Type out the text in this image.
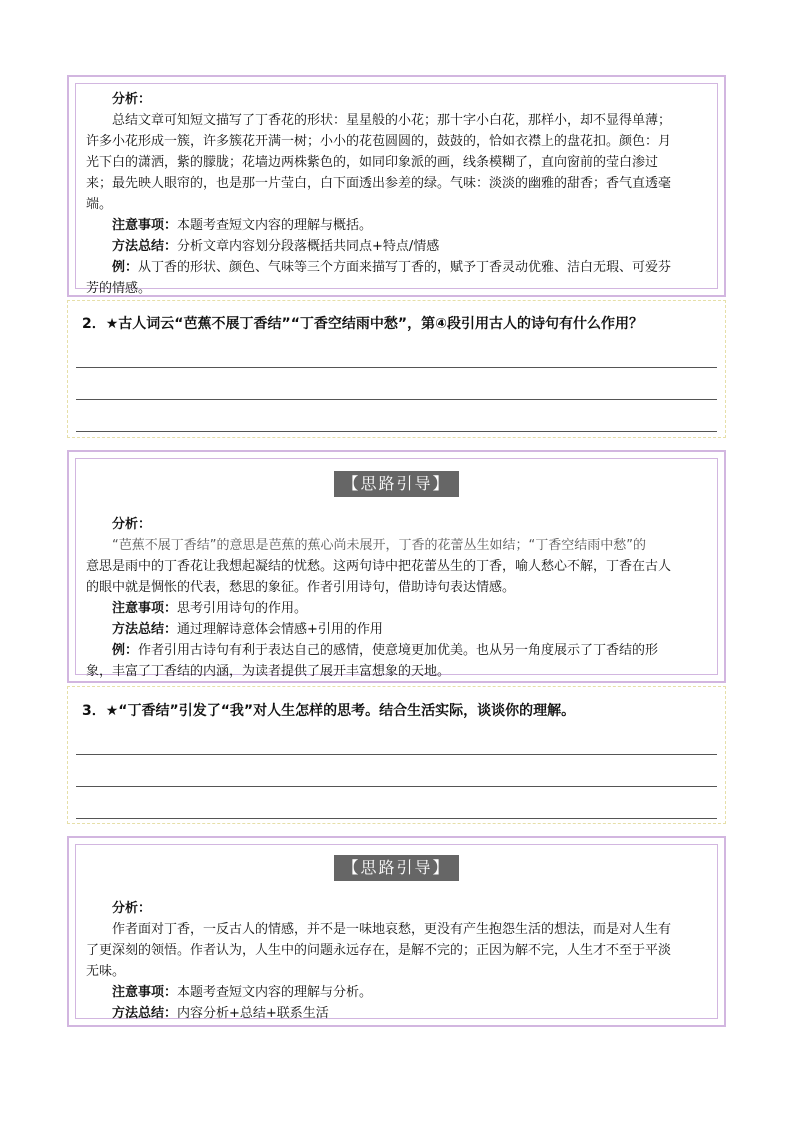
分析：

总结文章可知短文描写了丁香花的形状：星星般的小花；那十字小白花，那样小，却不显得单薄；

许多小花形成一簇，许多簇花开满一树；小小的花苞圆圆的，鼓鼓的，恰如衣襟上的盘花扣。颜色：月

光下白的潇洒，紫的朦胧；花墙边两株紫色的，如同印象派的画，线条模糊了，直向窗前的莹白渗过

来；最先映人眼帘的，也是那一片莹白，白下面透出参差的绿。气味：淡淡的幽雅的甜香；香气直透毫

端。

注意事项：本题考查短文内容的理解与概括。

方法总结：分析文章内容划分段落概括共同点+特点/情感

例：从丁香的形状、颜色、气味等三个方面来描写丁香的，赋予丁香灵动优雅、洁白无瑕、可爱芬

芳的情感。

2．★古人词云“芭蕉不展丁香结”“丁香空结雨中愁”，第④段引用古人的诗句有什么作用？

【思路引导】

分析：

“芭蕉不展丁香结”的意思是芭蕉的蕉心尚未展开，丁香的花蕾丛生如结；“丁香空结雨中愁”的

意思是雨中的丁香花让我想起凝结的忧愁。这两句诗中把花蕾丛生的丁香，喻人愁心不解，丁香在古人

的眼中就是惆怅的代表，愁思的象征。作者引用诗句，借助诗句表达情感。

注意事项：思考引用诗句的作用。

方法总结：通过理解诗意体会情感+引用的作用

例：作者引用古诗句有利于表达自己的感情，使意境更加优美。也从另一角度展示了丁香结的形

象，丰富了丁香结的内涵，为读者提供了展开丰富想象的天地。

3．★“丁香结”引发了“我”对人生怎样的思考。结合生活实际，谈谈你的理解。

【思路引导】

分析：

作者面对丁香，一反古人的情感，并不是一味地哀愁，更没有产生抱怨生活的想法，而是对人生有

了更深刻的领悟。作者认为，人生中的问题永远存在，是解不完的；正因为解不完，人生才不至于平淡

无味。

注意事项：本题考查短文内容的理解与分析。

方法总结：内容分析+总结+联系生活
